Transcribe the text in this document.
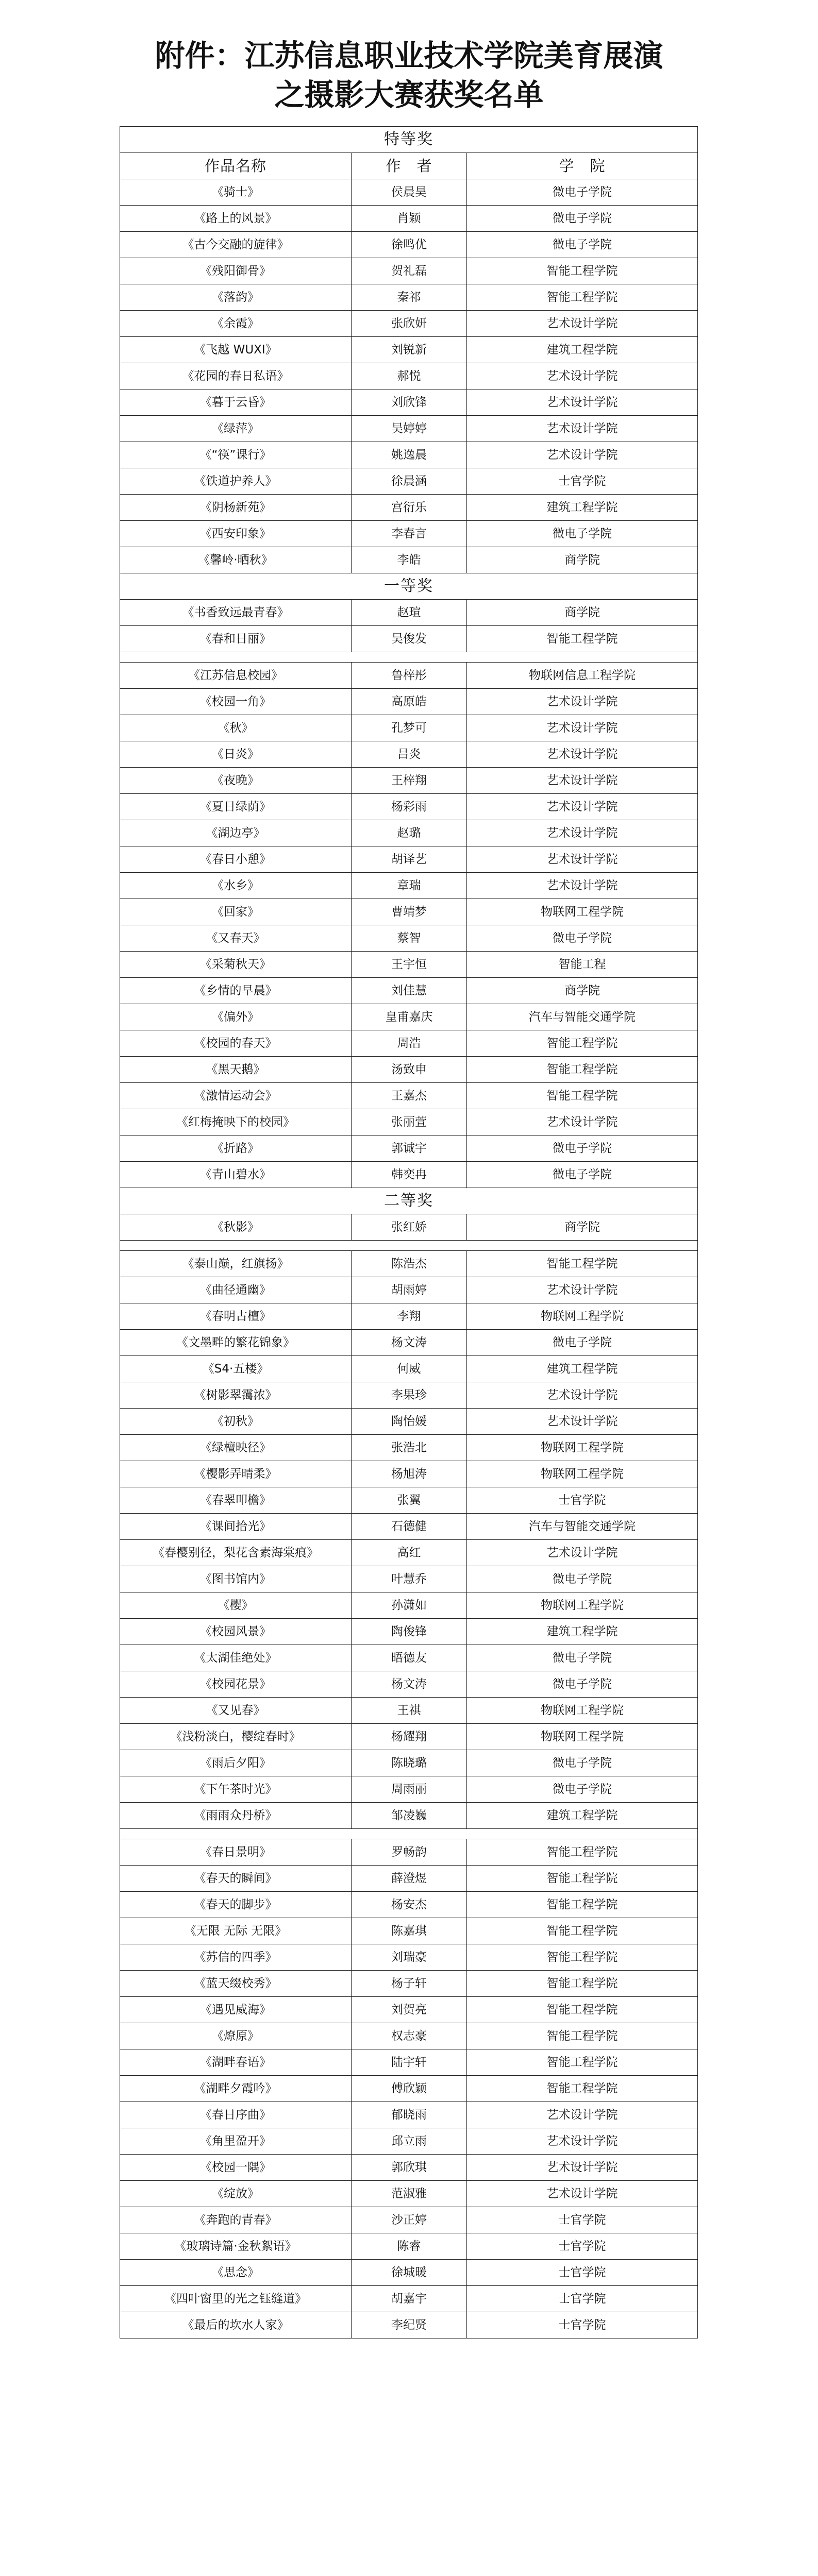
附件：江苏信息职业技术学院美育展演
之摄影大赛获奖名单
特等奖		
作品名称	作　者	学　院
《骑士》	侯晨昊	微电子学院
《路上的风景》	肖颖	微电子学院
《古今交融的旋律》	徐鸣优	微电子学院
《残阳御骨》	贺礼磊	智能工程学院
《落韵》	秦祁	智能工程学院
《余霞》	张欣妍	艺术设计学院
《飞越 WUXI》	刘锐新	建筑工程学院
《花园的春日私语》	郝悦	艺术设计学院
《暮于云昏》	刘欣锋	艺术设计学院
《绿萍》	吴婷婷	艺术设计学院
《“筷”课行》	姚逸晨	艺术设计学院
《铁道护养人》	徐晨涵	士官学院
《阴杨新苑》	宫衍乐	建筑工程学院
《西安印象》	李春言	微电子学院
《馨岭·晒秋》	李皓	商学院
一等奖		
《书香致远最青春》	赵瑄	商学院
《春和日丽》	吴俊发	智能工程学院

《江苏信息校园》	鲁梓彤	物联网信息工程学院
《校园一角》	高原皓	艺术设计学院
《秋》	孔梦可	艺术设计学院
《日炎》	吕炎	艺术设计学院
《夜晚》	王梓翔	艺术设计学院
《夏日绿荫》	杨彩雨	艺术设计学院
《湖边亭》	赵璐	艺术设计学院
《春日小憩》	胡译艺	艺术设计学院
《水乡》	章瑞	艺术设计学院
《回家》	曹靖梦	物联网工程学院
《又春天》	蔡智	微电子学院
《采菊秋天》	王宇恒	智能工程
《乡情的早晨》	刘佳慧	商学院
《偏外》	皇甫嘉庆	汽车与智能交通学院
《校园的春天》	周浩	智能工程学院
《黑天鹅》	汤致申	智能工程学院
《激情运动会》	王嘉杰	智能工程学院
《红梅掩映下的校园》	张丽萱	艺术设计学院
《折路》	郭诚宇	微电子学院
《青山碧水》	韩奕冉	微电子学院
二等奖		
《秋影》	张红娇	商学院

《泰山巅，红旗扬》	陈浩杰	智能工程学院
《曲径通幽》	胡雨婷	艺术设计学院
《春明古檀》	李翔	物联网工程学院
《文墨畔的繁花锦象》	杨文涛	微电子学院
《S4·五楼》	何威	建筑工程学院
《树影翠霭浓》	李果珍	艺术设计学院
《初秋》	陶怡媛	艺术设计学院
《绿檀映径》	张浩北	物联网工程学院
《樱影弄晴柔》	杨旭涛	物联网工程学院
《春翠叩檐》	张翼	士官学院
《课间拾光》	石德健	汽车与智能交通学院
《春樱别径，梨花含素海棠痕》	高红	艺术设计学院
《图书馆内》	叶慧乔	微电子学院
《樱》	孙潇如	物联网工程学院
《校园风景》	陶俊锋	建筑工程学院
《太湖佳绝处》	晤德友	微电子学院
《校园花景》	杨文涛	微电子学院
《又见春》	王祺	物联网工程学院
《浅粉淡白，樱绽春时》	杨耀翔	物联网工程学院
《雨后夕阳》	陈晓璐	微电子学院
《下午茶时光》	周雨丽	微电子学院
《雨雨众丹桥》	邹凌巍	建筑工程学院

《春日景明》	罗畅韵	智能工程学院
《春天的瞬间》	薛澄煜	智能工程学院
《春天的脚步》	杨安杰	智能工程学院
《无限 无际 无限》	陈嘉琪	智能工程学院
《苏信的四季》	刘瑞豪	智能工程学院
《蓝天缀校秀》	杨子轩	智能工程学院
《遇见威海》	刘贺亮	智能工程学院
《燎原》	权志豪	智能工程学院
《湖畔春语》	陆宇轩	智能工程学院
《湖畔夕霞吟》	傅欣颖	智能工程学院
《春日序曲》	郁晓雨	艺术设计学院
《角里盈开》	邱立雨	艺术设计学院
《校园一隅》	郭欣琪	艺术设计学院
《绽放》	范淑雅	艺术设计学院
《奔跑的青春》	沙正婷	士官学院
《玻璃诗篇·金秋絮语》	陈睿	士官学院
《思念》	徐城暖	士官学院
《四叶窗里的光之钰缝道》	胡嘉宇	士官学院
《最后的坎水人家》	李纪贤	士官学院
